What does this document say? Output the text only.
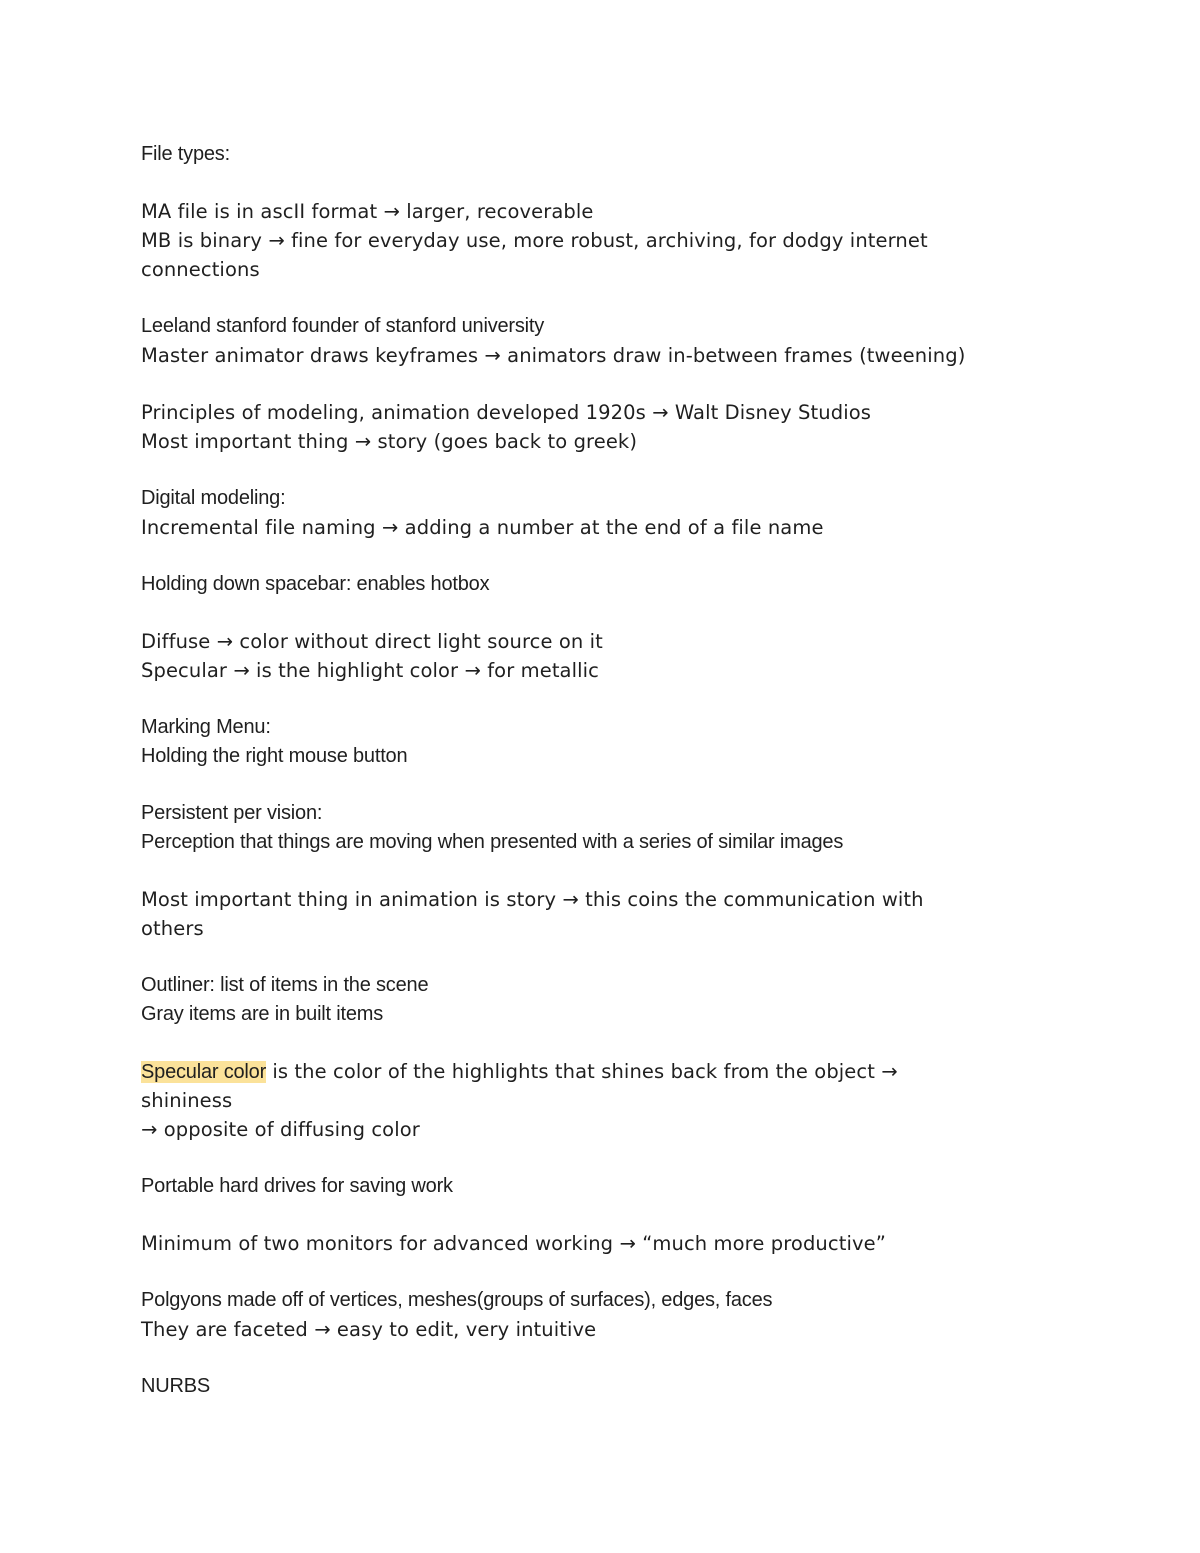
File types:
MA file is in ascII format → larger, recoverable
MB is binary → fine for everyday use, more robust, archiving, for dodgy internet
connections
Leeland stanford founder of stanford university
Master animator draws keyframes → animators draw in-between frames (tweening)
Principles of modeling, animation developed 1920s → Walt Disney Studios
Most important thing → story (goes back to greek)
Digital modeling:
Incremental file naming → adding a number at the end of a file name
Holding down spacebar: enables hotbox
Diffuse → color without direct light source on it
Specular → is the highlight color → for metallic
Marking Menu:
Holding the right mouse button
Persistent per vision:
Perception that things are moving when presented with a series of similar images
Most important thing in animation is story → this coins the communication with
others
Outliner: list of items in the scene
Gray items are in built items
Specular color is the color of the highlights that shines back from the object →
shininess
→ opposite of diffusing color
Portable hard drives for saving work
Minimum of two monitors for advanced working → “much more productive”
Polgyons made off of vertices, meshes(groups of surfaces), edges, faces
They are faceted → easy to edit, very intuitive
NURBS
